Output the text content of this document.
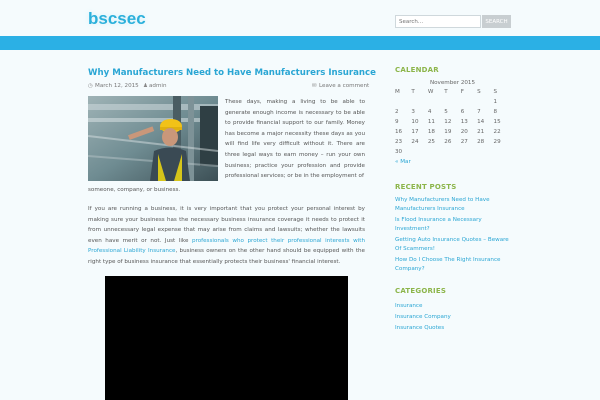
bscsec
Search...	SEARCH
Why Manufacturers Need to Have Manufacturers Insurance
◷ March 12, 2015 ♟ admin	✉ Leave a comment

These days, making a living to be able to generate enough income is necessary to be able to provide financial support to our family. Money has become a major necessity these days as you will find life very difficult without it. There are three legal ways to earn money – run your own business; practice your profession and provide professional services; or be in the employment of

someone, company, or business.

If you are running a business, it is very important that you protect your personal interest by making sure your business has the necessary business insurance coverage it needs to protect it from unnecessary legal expense that may arise from claims and lawsuits; whether the lawsuits even have merit or not. Just like professionals who protect their professional interests with Professional Liability Insurance, business owners on the other hand should be equipped with the right type of business insurance that essentially protects their business' financial interest.

CALENDAR
November 2015
M	T	W	T	F	S	S
						1
2	3	4	5	6	7	8
9	10	11	12	13	14	15
16	17	18	19	20	21	22
23	24	25	26	27	28	29
30						
« Mar
RECENT POSTS
Why Manufacturers Need to Have Manufacturers Insurance
Is Flood Insurance a Necessary Investment?
Getting Auto Insurance Quotes – Beware Of Scammers!
How Do I Choose The Right Insurance Company?
CATEGORIES
Insurance
Insurance Company
Insurance Quotes
